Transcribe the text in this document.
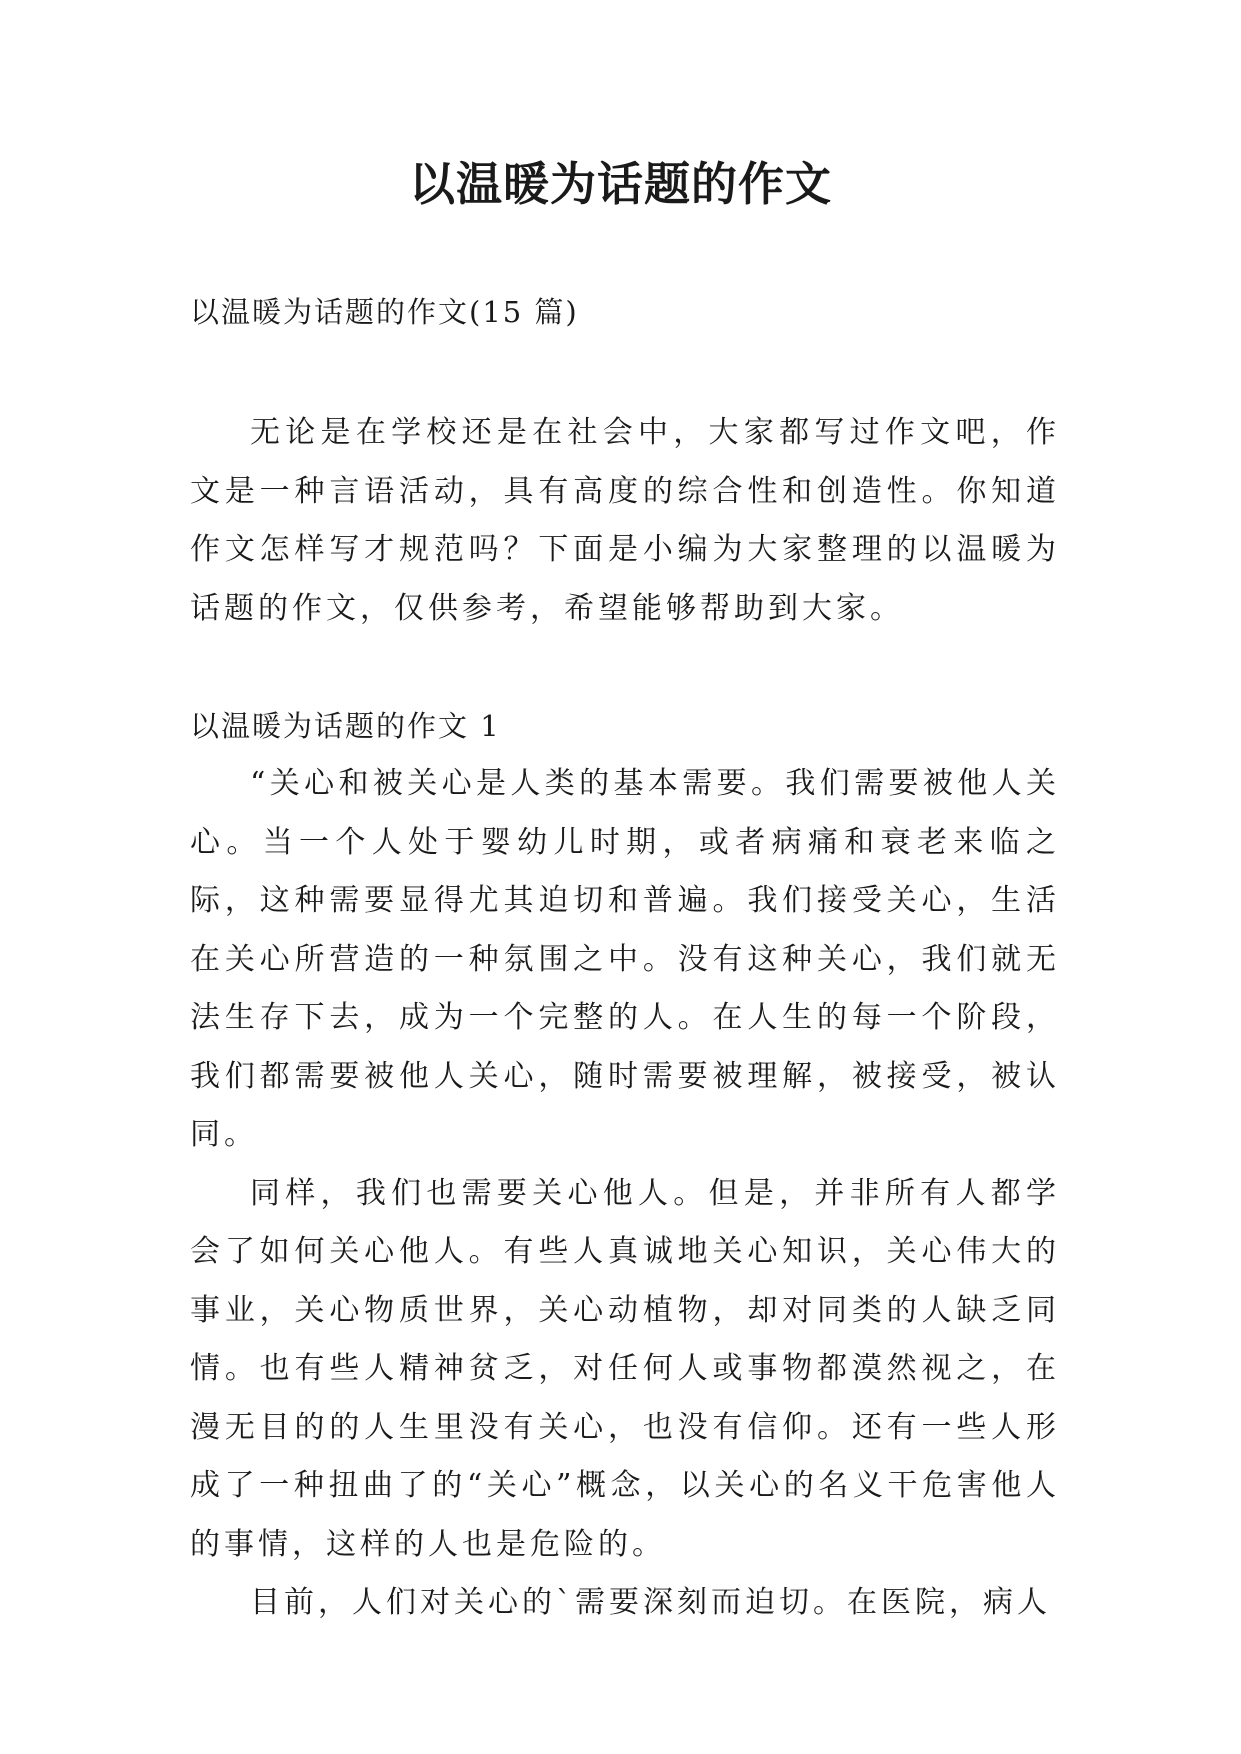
以温暖为话题的作文

以温暖为话题的作文(15 篇)

无论是在学校还是在社会中，大家都写过作文吧，作文是一种言语活动，具有高度的综合性和创造性。你知道作文怎样写才规范吗？下面是小编为大家整理的以温暖为话题的作文，仅供参考，希望能够帮助到大家。

以温暖为话题的作文 1

“关心和被关心是人类的基本需要。我们需要被他人关心。当一个人处于婴幼儿时期，或者病痛和衰老来临之际，这种需要显得尤其迫切和普遍。我们接受关心，生活在关心所营造的一种氛围之中。没有这种关心，我们就无法生存下去，成为一个完整的人。在人生的每一个阶段，我们都需要被他人关心，随时需要被理解，被接受，被认同。

同样，我们也需要关心他人。但是，并非所有人都学会了如何关心他人。有些人真诚地关心知识，关心伟大的事业，关心物质世界，关心动植物，却对同类的人缺乏同情。也有些人精神贫乏，对任何人或事物都漠然视之，在漫无目的的人生里没有关心，也没有信仰。还有一些人形成了一种扭曲了的“关心”概念，以关心的名义干危害他人的事情，这样的人也是危险的。

目前，人们对关心的`需要深刻而迫切。在医院，病人
